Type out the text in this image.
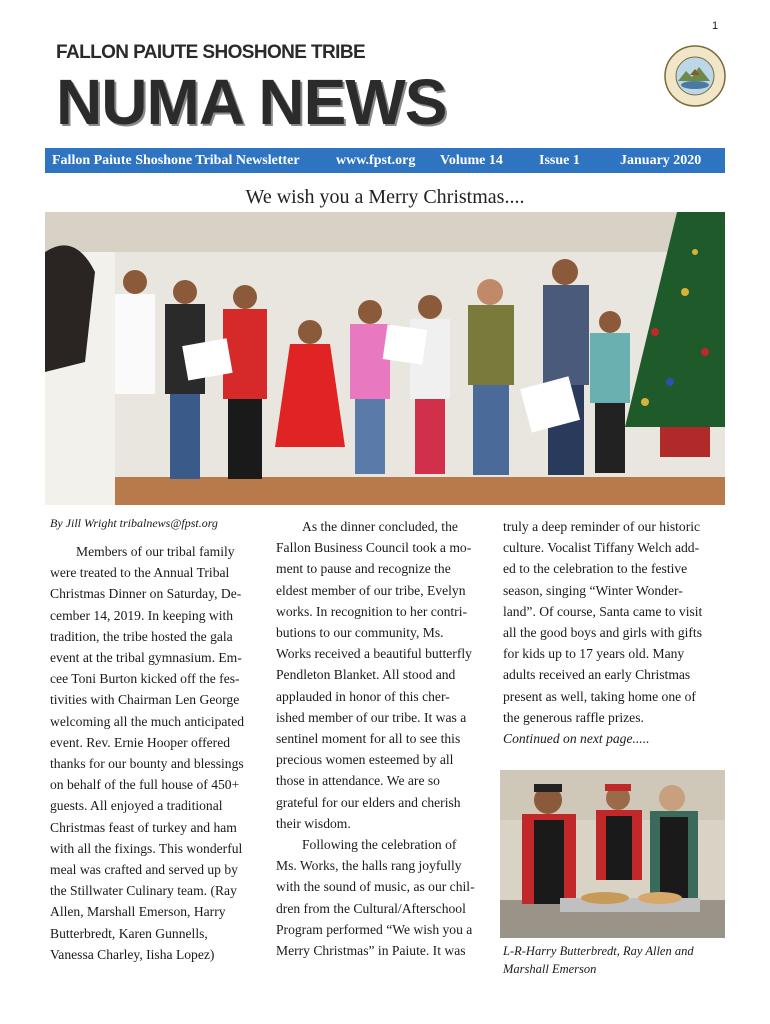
1
FALLON PAIUTE SHOSHONE TRIBE
NUMA NEWS
Fallon Paiute Shoshone Tribal Newsletter	www.fpst.org Volume 14	Issue 1	January 2020
We wish you a Merry Christmas....
By Jill Wright tribalnews@fpst.org

Members of our tribal family

were treated to the Annual Tribal

Christmas Dinner on Saturday, De-

cember 14, 2019. In keeping with

tradition, the tribe hosted the gala

event at the tribal gymnasium. Em-

cee Toni Burton kicked off the fes-

tivities with Chairman Len George

welcoming all the much anticipated

event. Rev. Ernie Hooper offered

thanks for our bounty and blessings

on behalf of the full house of 450+

guests. All enjoyed a traditional

Christmas feast of turkey and ham

with all the fixings. This wonderful

meal was crafted and served up by

the Stillwater Culinary team. (Ray

Allen, Marshall Emerson, Harry

Butterbredt, Karen Gunnells,

Vanessa Charley, Iisha Lopez)

As the dinner concluded, the

Fallon Business Council took a mo-

ment to pause and recognize the

eldest member of our tribe, Evelyn

works. In recognition to her contri-

butions to our community, Ms.

Works received a beautiful butterfly

Pendleton Blanket. All stood and

applauded in honor of this cher-

ished member of our tribe. It was a

sentinel moment for all to see this

precious women esteemed by all

those in attendance. We are so

grateful for our elders and cherish

their wisdom.

Following the celebration of

Ms. Works, the halls rang joyfully

with the sound of music, as our chil-

dren from the Cultural/Afterschool

Program performed “We wish you a

Merry Christmas” in Paiute. It was

truly a deep reminder of our historic

culture. Vocalist Tiffany Welch add-

ed to the celebration to the festive

season, singing “Winter Wonder-

land”. Of course, Santa came to visit

all the good boys and girls with gifts

for kids up to 17 years old. Many

adults received an early Christmas

present as well, taking home one of

the generous raffle prizes.

Continued on next page.....

L-R-Harry Butterbredt, Ray Allen and Marshall Emerson
